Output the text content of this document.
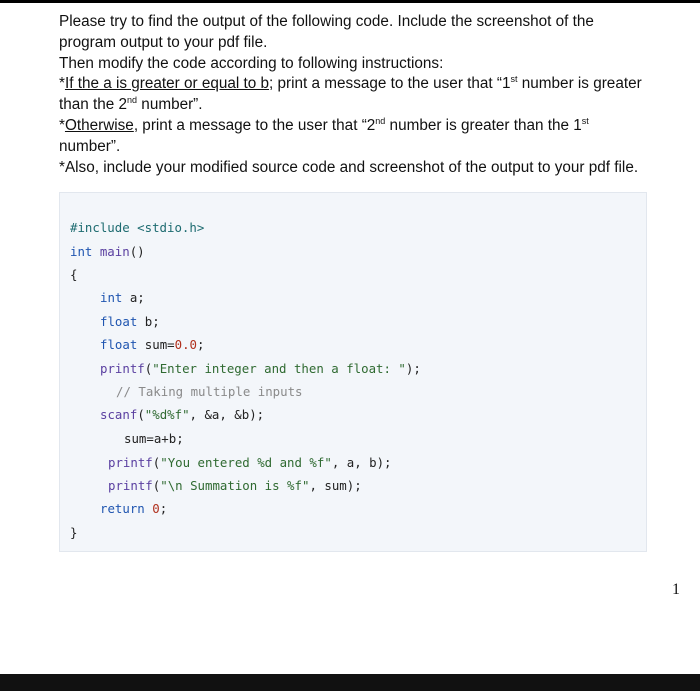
Please try to find the output of the following code. Include the screenshot of the

program output to your pdf file.

Then modify the code according to following instructions:

*If the a is greater or equal to b; print a message to the user that “1st number is greater

than the 2nd number”.

*Otherwise, print a message to the user that “2nd number is greater than the 1st

number”.

*Also, include your modified source code and screenshot of the output to your pdf file.

#include <stdio.h>
int main()
{
int a;
float b;
float sum=0.0;
printf("Enter integer and then a float: ");
// Taking multiple inputs
scanf("%d%f", &a, &b);
sum=a+b;
printf("You entered %d and %f", a, b);
printf("\n Summation is %f", sum);
return 0;
}
1
